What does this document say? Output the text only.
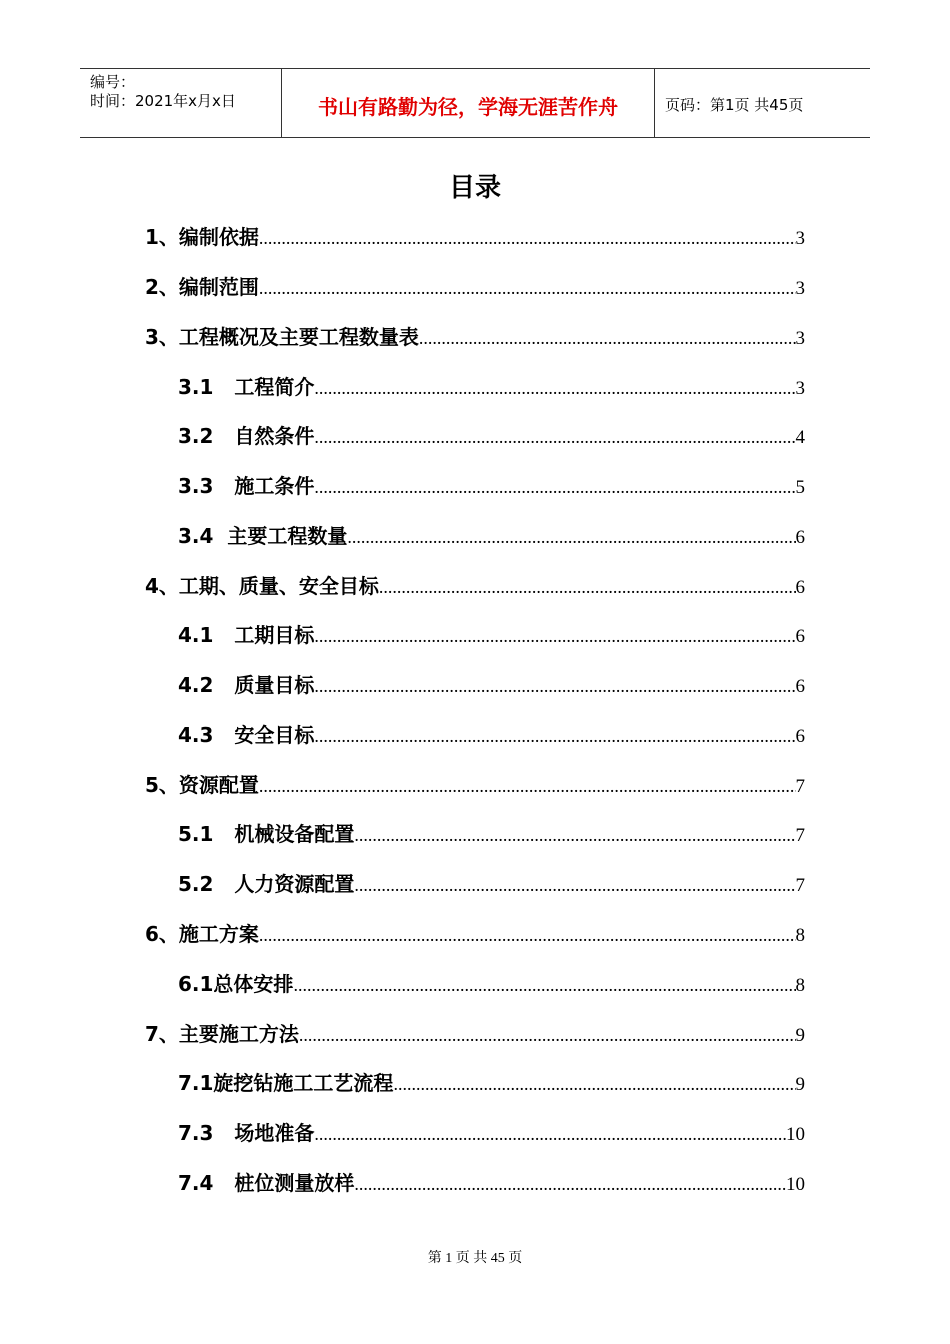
编号：
时间：2021年x月x日	书山有路勤为径，学海无涯苦作舟	页码：第1页 共45页
目录
1、编制依据 .....	3
2、编制范围 .....	3
3、工程概况及主要工程数量表 .....	3
3.1   工程简介 .....	3
3.2   自然条件 .....	4
3.3   施工条件 .....	5
3.4  主要工程数量 .....	6
4、工期、质量、安全目标 .....	6
4.1   工期目标 .....	6
4.2   质量目标 .....	6
4.3   安全目标 .....	6
5、资源配置 .....	7
5.1   机械设备配置 .....	7
5.2   人力资源配置 .....	7
6、施工方案 .....	8
6.1总体安排 .....	8
7、主要施工方法 .....	9
7.1旋挖钻施工工艺流程 .....	9
7.3   场地准备 .....	10
7.4   桩位测量放样 .....	10
第 1 页 共 45 页
